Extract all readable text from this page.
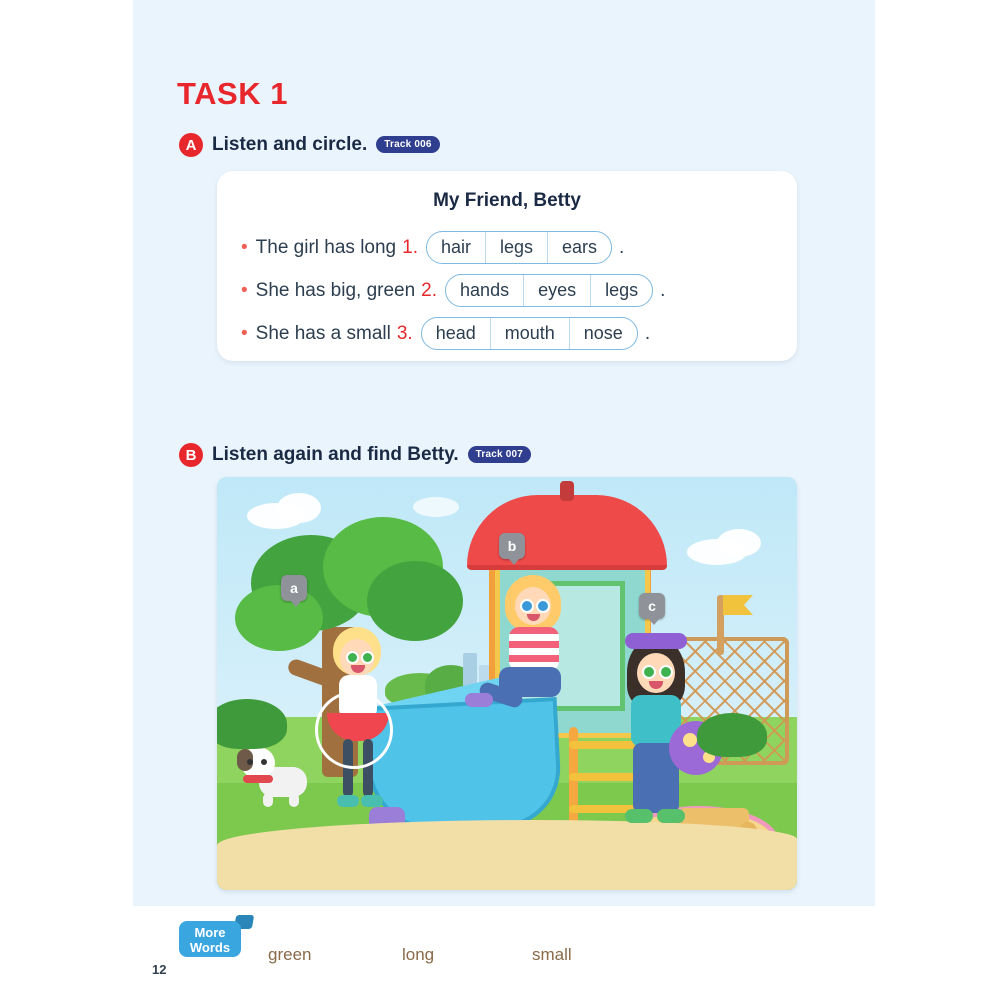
TASK 1
A Listen and circle.	Track 006
My Friend, Betty
• The girl has long 1.	hair	legs	ears	.
• She has big, green 2.	hands	eyes	legs	.
• She has a small 3.	head	mouth	nose	.
B Listen again and find Betty.	Track 007
a
b
c
More
Words	green	long	small
12
